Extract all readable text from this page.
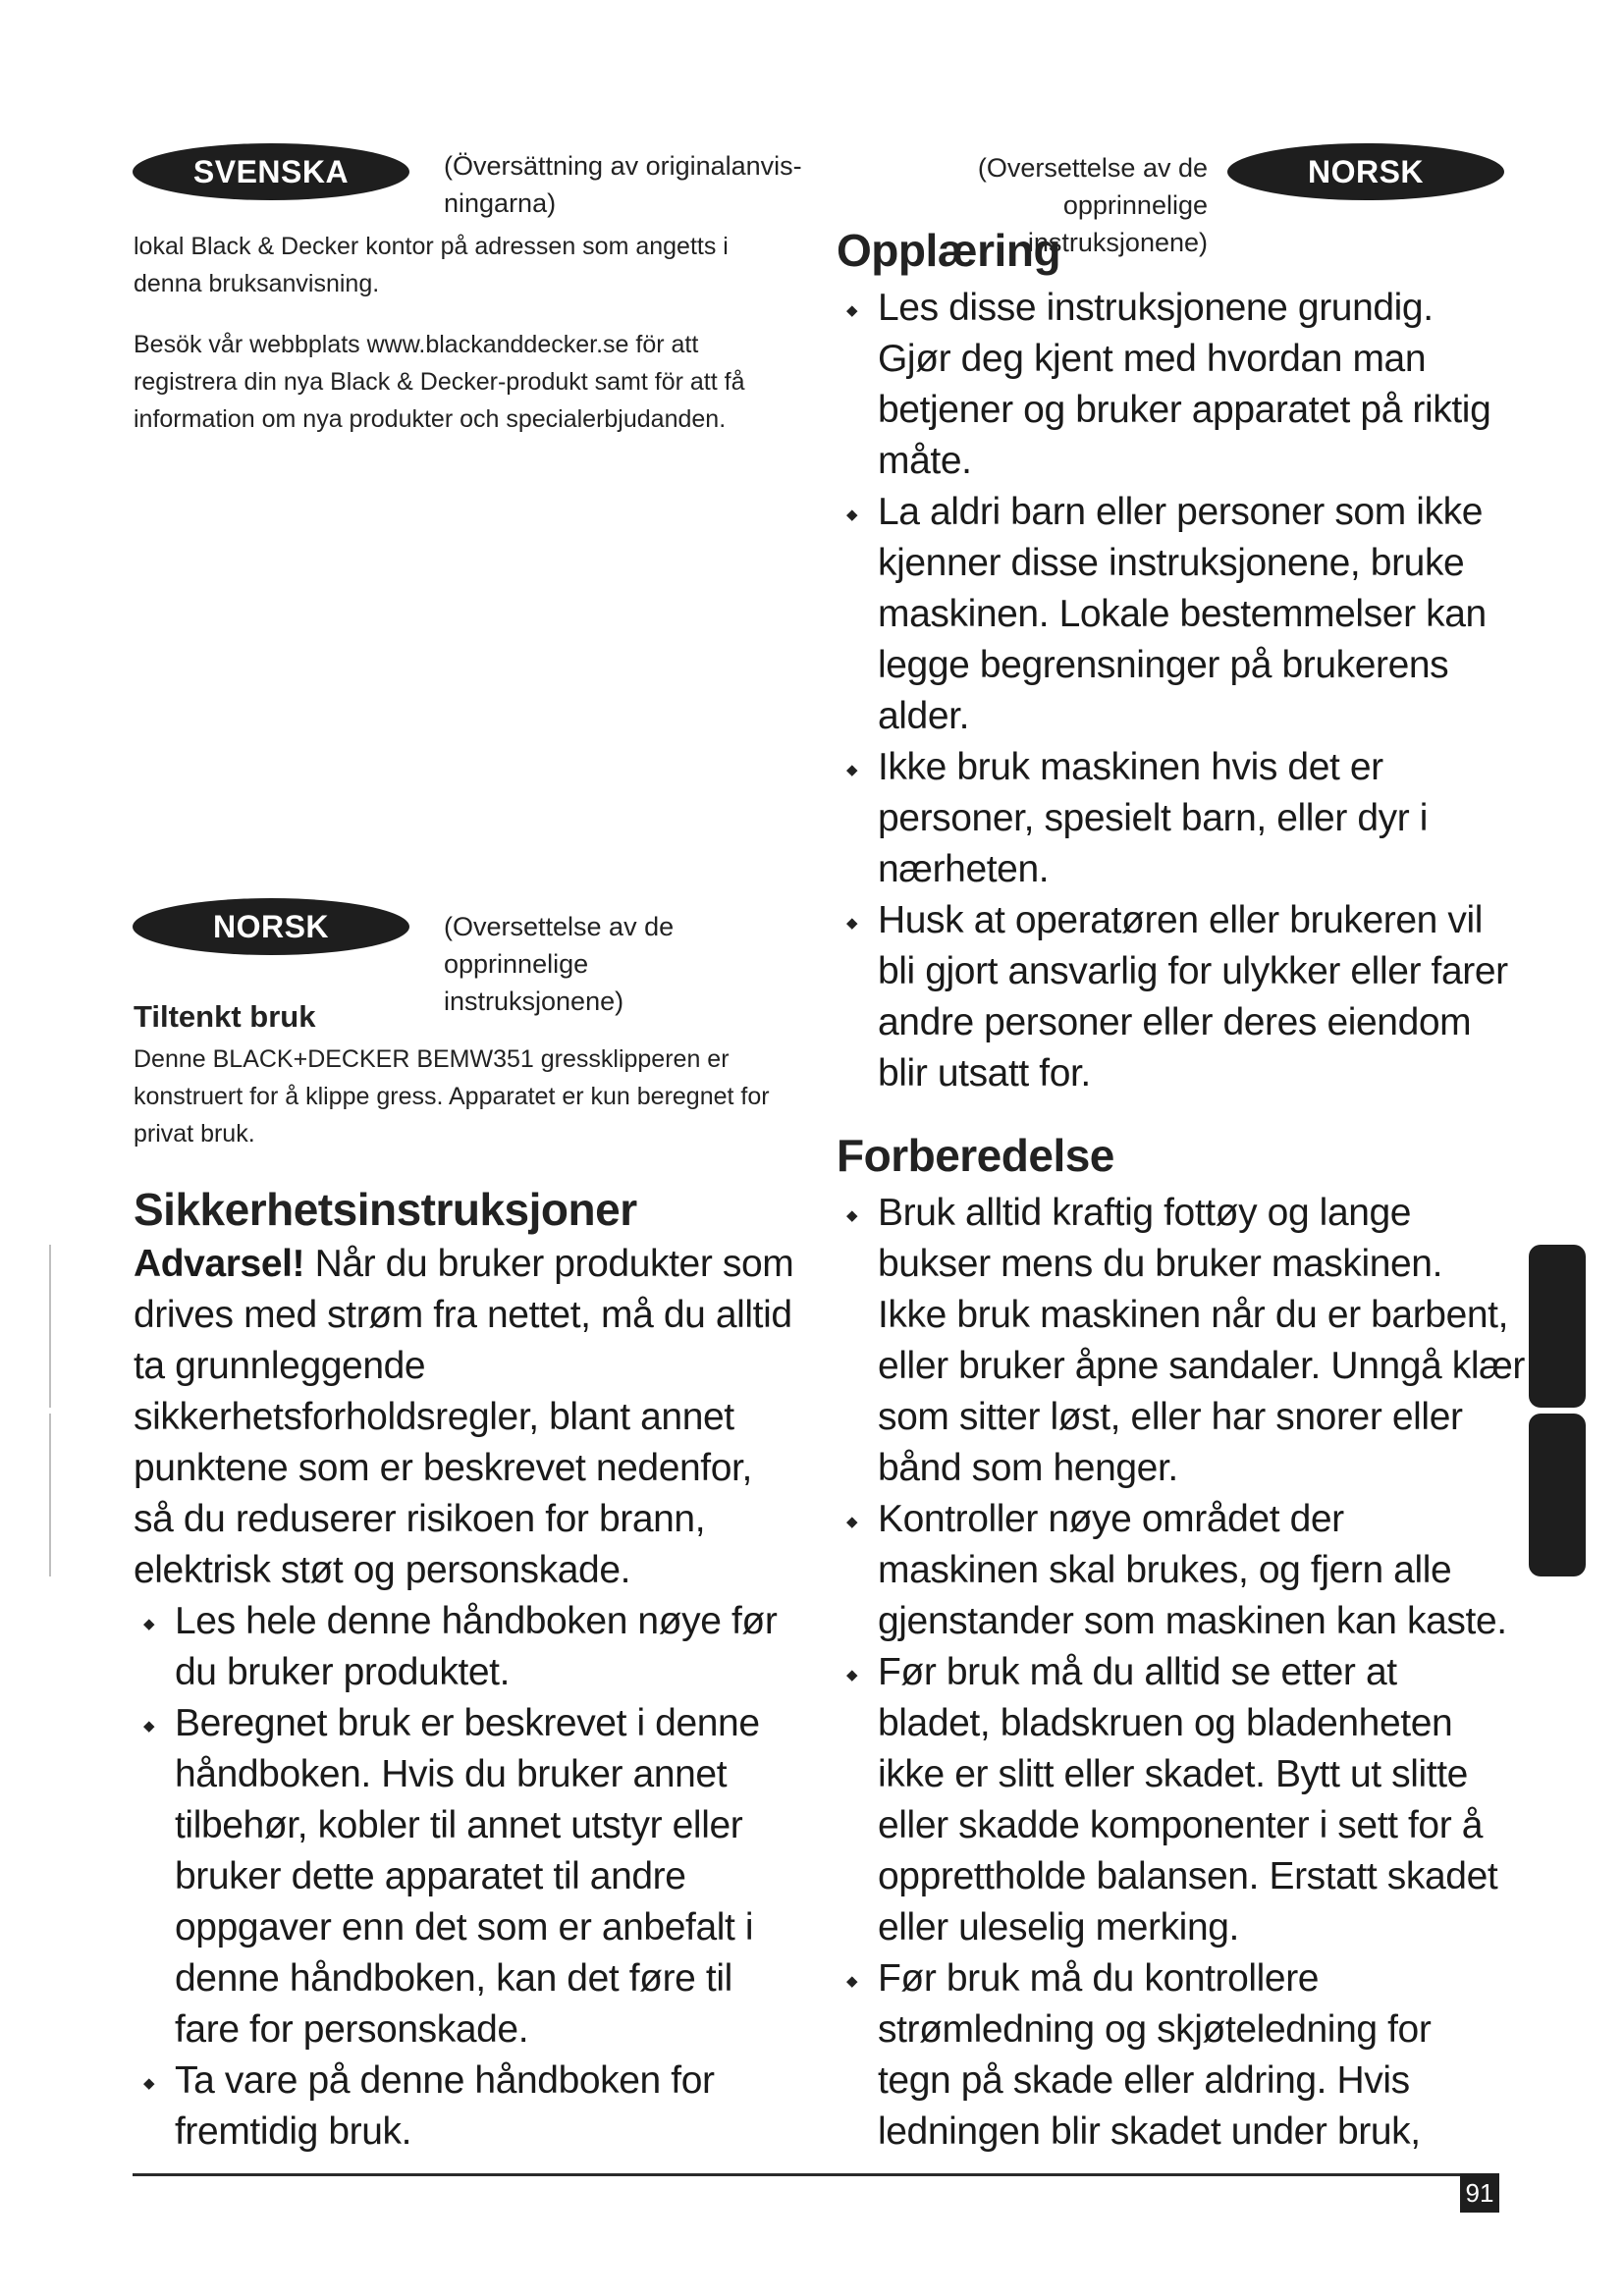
SVENSKA	(Översättning av originalanvis-
ningarna)
(Oversettelse av de opprinnelige
instruksjonene)
NORSK
lokal Black & Decker kontor på adressen som angetts i denna bruksanvisning.
Besök vår webbplats www.blackanddecker.se för att registrera din nya Black & Decker-produkt samt för att få information om nya produkter och specialerbjudanden.
NORSK	(Oversettelse av de opprinnelige
instruksjonene)
Tiltenkt bruk
Denne BLACK+DECKER BEMW351 gressklipperen er konstruert for å klippe gress. Apparatet er kun beregnet for privat bruk.
Sikkerhetsinstruksjoner
Advarsel! Når du bruker produkter som drives med strøm fra nettet, må du alltid ta grunnleggende sikkerhetsforholdsregler, blant annet punktene som er beskrevet nedenfor, så du reduserer risikoen for brann, elektrisk støt og personskade.
◆ Les hele denne håndboken nøye før du bruker produktet.
◆ Beregnet bruk er beskrevet i denne håndboken. Hvis du bruker annet tilbehør, kobler til annet utstyr eller bruker dette apparatet til andre oppgaver enn det som er anbefalt i denne håndboken, kan det føre til fare for personskade.
◆ Ta vare på denne håndboken for fremtidig bruk.
Opplæring
◆ Les disse instruksjonene grundig. Gjør deg kjent med hvordan man betjener og bruker apparatet på riktig måte.
◆ La aldri barn eller personer som ikke kjenner disse instruksjonene, bruke maskinen. Lokale bestemmelser kan legge begrensninger på brukerens alder.
◆ Ikke bruk maskinen hvis det er personer, spesielt barn, eller dyr i nærheten.
◆ Husk at operatøren eller brukeren vil bli gjort ansvarlig for ulykker eller farer andre personer eller deres eiendom blir utsatt for.
Forberedelse
◆ Bruk alltid kraftig fottøy og lange bukser mens du bruker maskinen.
Ikke bruk maskinen når du er barbent, eller bruker åpne sandaler. Unngå klær som sitter løst, eller har snorer eller bånd som henger.
◆ Kontroller nøye området der maskinen skal brukes, og fjern alle gjenstander som maskinen kan kaste.
◆ Før bruk må du alltid se etter at bladet, bladskruen og bladenheten ikke er slitt eller skadet. Bytt ut slitte eller skadde komponenter i sett for å opprettholde balansen. Erstatt skadet eller uleselig merking.
◆ Før bruk må du kontrollere strømledning og skjøteledning for tegn på skade eller aldring. Hvis ledningen blir skadet under bruk,
91
